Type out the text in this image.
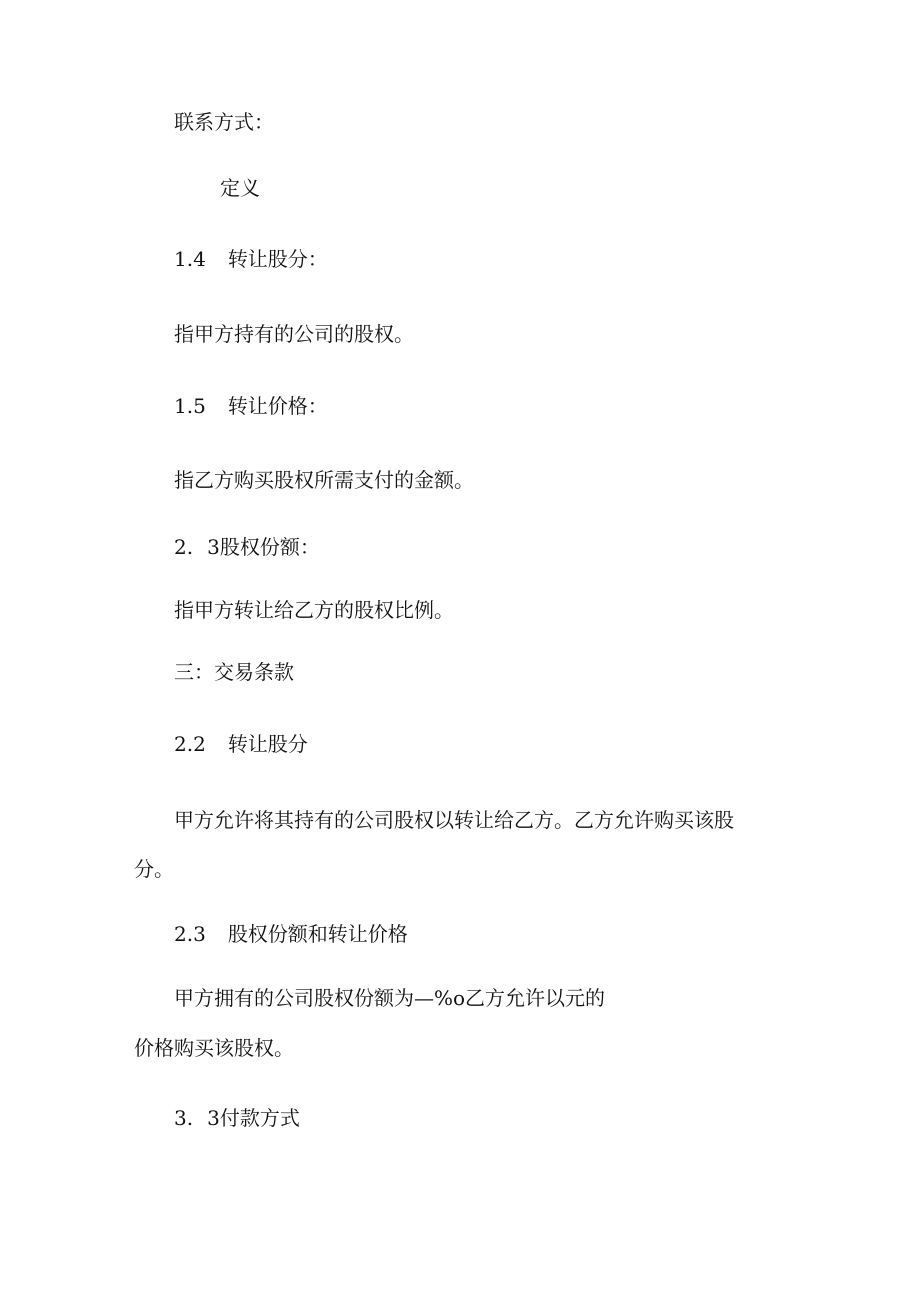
联系方式：

定义

1.4 转让股分：

指甲方持有的公司的股权。

1.5 转让价格：

指乙方购买股权所需支付的金额。

2. 3股权份额：

指甲方转让给乙方的股权比例。

三：交易条款

2.2 转让股分

甲方允许将其持有的公司股权以转让给乙方。乙方允许购买该股

分。

2.3 股权份额和转让价格

甲方拥有的公司股权份额为—%o乙方允许以元的

价格购买该股权。

3. 3付款方式
